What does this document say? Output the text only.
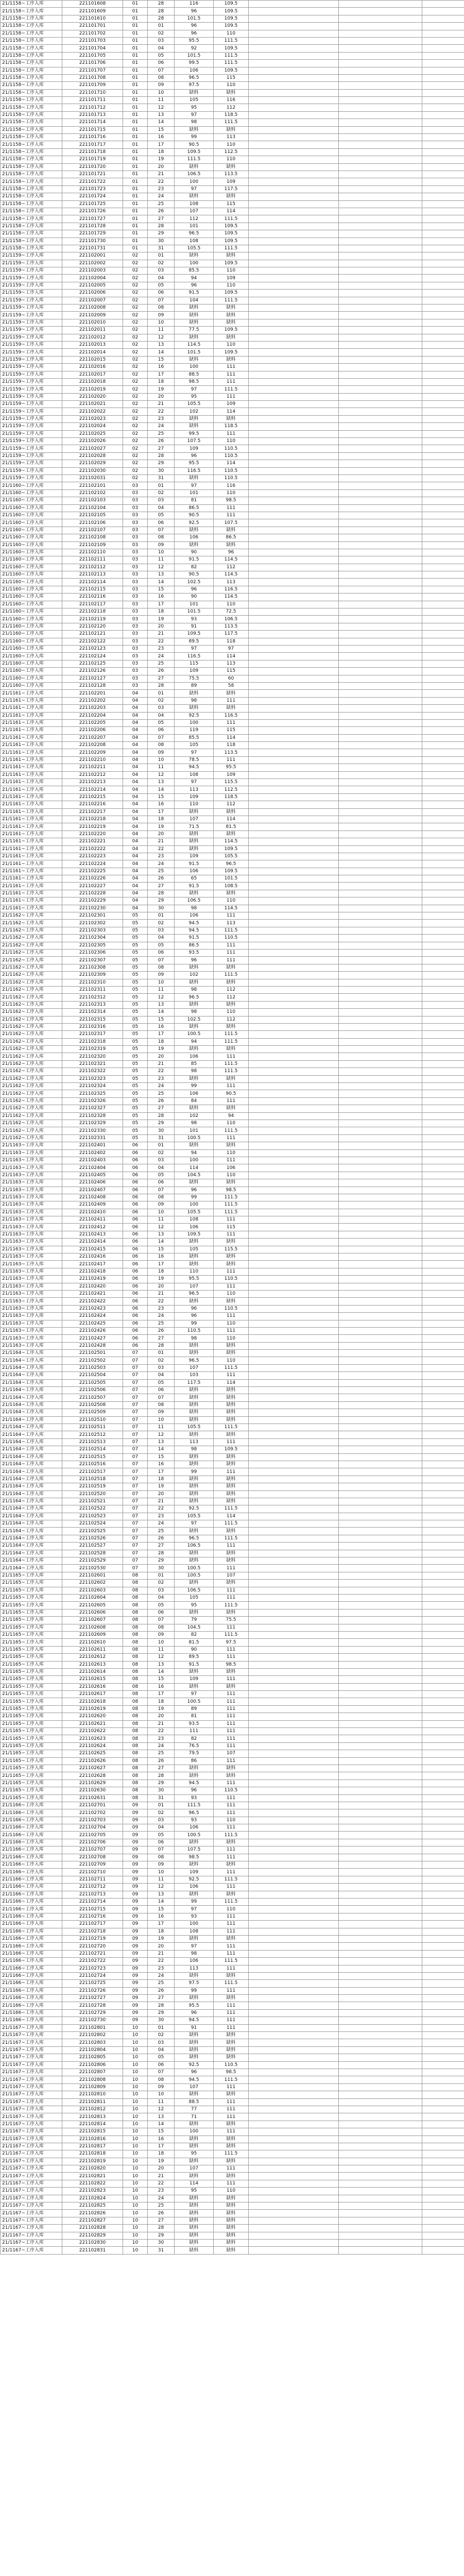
21/1158~工序入库	221101608	01	28	116	109.5			
21/1158~工序入库	221101609	01	28	96	109.5			
21/1158~工序入库	221101610	01	28	101.5	109.5			
21/1158~工序入库	221101701	01	01	96	109.5			
21/1158~工序入库	221101702	01	02	96	110			
21/1158~工序入库	221101703	01	03	95.5	111.5			
21/1158~工序入库	221101704	01	04	92	109.5			
21/1158~工序入库	221101705	01	05	101.5	111.5			
21/1158~工序入库	221101706	01	06	99.5	111.5			
21/1158~工序入库	221101707	01	07	106	109.5			
21/1158~工序入库	221101708	01	08	96.5	115			
21/1158~工序入库	221101709	01	09	97.5	110			
21/1158~工序入库	221101710	01	10	缺料	缺料			
21/1158~工序入库	221101711	01	11	105	116			
21/1158~工序入库	221101712	01	12	95	112			
21/1158~工序入库	221101713	01	13	97	118.5			
21/1158~工序入库	221101714	01	14	98	111.5			
21/1158~工序入库	221101715	01	15	缺料	缺料			
21/1158~工序入库	221101716	01	16	99	113			
21/1158~工序入库	221101717	01	17	90.5	110			
21/1158~工序入库	221101718	01	18	109.5	112.5			
21/1158~工序入库	221101719	01	19	111.5	110			
21/1158~工序入库	221101720	01	20	缺料	缺料			
21/1158~工序入库	221101721	01	21	106.5	113.5			
21/1158~工序入库	221101722	01	22	100	109			
21/1158~工序入库	221101723	01	23	97	117.5			
21/1158~工序入库	221101724	01	24	缺料	缺料			
21/1158~工序入库	221101725	01	25	108	115			
21/1158~工序入库	221101726	01	26	107	114			
21/1158~工序入库	221101727	01	27	112	111.5			
21/1158~工序入库	221101728	01	28	101	109.5			
21/1158~工序入库	221101729	01	29	96.5	109.5			
21/1158~工序入库	221101730	01	30	108	109.5			
21/1158~工序入库	221101731	01	31	105.5	111.5			
21/1159~工序入库	221102001	02	01	缺料	缺料			
21/1159~工序入库	221102002	02	02	100	109.5			
21/1159~工序入库	221102003	02	03	85.5	110			
21/1159~工序入库	221102004	02	04	94	109			
21/1159~工序入库	221102005	02	05	96	110			
21/1159~工序入库	221102006	02	06	91.5	109.5			
21/1159~工序入库	221102007	02	07	104	111.5			
21/1159~工序入库	221102008	02	08	缺料	缺料			
21/1159~工序入库	221102009	02	09	缺料	缺料			
21/1159~工序入库	221102010	02	10	缺料	缺料			
21/1159~工序入库	221102011	02	11	77.5	109.5			
21/1159~工序入库	221102012	02	12	缺料	缺料			
21/1159~工序入库	221102013	02	13	114.5	110			
21/1159~工序入库	221102014	02	14	101.5	109.5			
21/1159~工序入库	221102015	02	15	缺料	缺料			
21/1159~工序入库	221102016	02	16	100	111			
21/1159~工序入库	221102017	02	17	88.5	111			
21/1159~工序入库	221102018	02	18	98.5	111			
21/1159~工序入库	221102019	02	19	97	111.5			
21/1159~工序入库	221102020	02	20	95	111			
21/1159~工序入库	221102021	02	21	105.5	109			
21/1159~工序入库	221102022	02	22	102	114			
21/1159~工序入库	221102023	02	23	缺料	缺料			
21/1159~工序入库	221102024	02	24	缺料	118.5			
21/1159~工序入库	221102025	02	25	99.5	111			
21/1159~工序入库	221102026	02	26	107.5	110			
21/1159~工序入库	221102027	02	27	109	110.5			
21/1159~工序入库	221102028	02	28	96	110.5			
21/1159~工序入库	221102029	02	29	95.5	114			
21/1159~工序入库	221102030	02	30	116.5	110.5			
21/1159~工序入库	221102031	02	31	缺料	110.5			
21/1160~工序入库	221102101	03	01	97	116			
21/1160~工序入库	221102102	03	02	101	110			
21/1160~工序入库	221102103	03	03	81	98.5			
21/1160~工序入库	221102104	03	04	86.5	111			
21/1160~工序入库	221102105	03	05	90.5	111			
21/1160~工序入库	221102106	03	06	92.5	107.5			
21/1160~工序入库	221102107	03	07	缺料	缺料			
21/1160~工序入库	221102108	03	08	106	86.5			
21/1160~工序入库	221102109	03	09	缺料	缺料			
21/1160~工序入库	221102110	03	10	90	96			
21/1160~工序入库	221102111	03	11	91.5	114.5			
21/1160~工序入库	221102112	03	12	82	112			
21/1160~工序入库	221102113	03	13	90.5	114.5			
21/1160~工序入库	221102114	03	14	102.5	113			
21/1160~工序入库	221102115	03	15	96	116.5			
21/1160~工序入库	221102116	03	16	90	114.5			
21/1160~工序入库	221102117	03	17	101	110			
21/1160~工序入库	221102118	03	18	101.5	72.5			
21/1160~工序入库	221102119	03	19	93	106.5			
21/1160~工序入库	221102120	03	20	91	113.5			
21/1160~工序入库	221102121	03	21	109.5	117.5			
21/1160~工序入库	221102122	03	22	89.5	118			
21/1160~工序入库	221102123	03	23	97	97			
21/1160~工序入库	221102124	03	24	116.5	114			
21/1160~工序入库	221102125	03	25	115	113			
21/1160~工序入库	221102126	03	26	109	115			
21/1160~工序入库	221102127	03	27	75.5	60			
21/1160~工序入库	221102128	03	28	89	58			
21/1161~工序入库	221102201	04	01	缺料	缺料			
21/1161~工序入库	221102202	04	02	98	111			
21/1161~工序入库	221102203	04	03	缺料	缺料			
21/1161~工序入库	221102204	04	04	92.5	116.5			
21/1161~工序入库	221102205	04	05	100	111			
21/1161~工序入库	221102206	04	06	119	115			
21/1161~工序入库	221102207	04	07	85.5	114			
21/1161~工序入库	221102208	04	08	105	118			
21/1161~工序入库	221102209	04	09	97	113.5			
21/1161~工序入库	221102210	04	10	78.5	111			
21/1161~工序入库	221102211	04	11	94.5	95.5			
21/1161~工序入库	221102212	04	12	108	109			
21/1161~工序入库	221102213	04	13	97	115.5			
21/1161~工序入库	221102214	04	14	113	112.5			
21/1161~工序入库	221102215	04	15	109	118.5			
21/1161~工序入库	221102216	04	16	110	112			
21/1161~工序入库	221102217	04	17	缺料	缺料			
21/1161~工序入库	221102218	04	18	107	114			
21/1161~工序入库	221102219	04	19	71.5	81.5			
21/1161~工序入库	221102220	04	20	缺料	缺料			
21/1161~工序入库	221102221	04	21	缺料	114.5			
21/1161~工序入库	221102222	04	22	缺料	109.5			
21/1161~工序入库	221102223	04	23	109	105.5			
21/1161~工序入库	221102224	04	24	91.5	96.5			
21/1161~工序入库	221102225	04	25	106	109.5			
21/1161~工序入库	221102226	04	26	65	101.5			
21/1161~工序入库	221102227	04	27	91.5	108.5			
21/1161~工序入库	221102228	04	28	缺料	缺料			
21/1161~工序入库	221102229	04	29	106.5	110			
21/1161~工序入库	221102230	04	30	98	114.5			
21/1162~工序入库	221102301	05	01	106	111			
21/1162~工序入库	221102302	05	02	94.5	113			
21/1162~工序入库	221102303	05	03	94.5	111.5			
21/1162~工序入库	221102304	05	04	91.5	110.5			
21/1162~工序入库	221102305	05	05	86.5	111			
21/1162~工序入库	221102306	05	06	93.5	111			
21/1162~工序入库	221102307	05	07	96	111			
21/1162~工序入库	221102308	05	08	缺料	缺料			
21/1162~工序入库	221102309	05	09	102	111.5			
21/1162~工序入库	221102310	05	10	缺料	缺料			
21/1162~工序入库	221102311	05	11	98	112			
21/1162~工序入库	221102312	05	12	96.5	112			
21/1162~工序入库	221102313	05	13	缺料	缺料			
21/1162~工序入库	221102314	05	14	98	110			
21/1162~工序入库	221102315	05	15	102.5	112			
21/1162~工序入库	221102316	05	16	缺料	缺料			
21/1162~工序入库	221102317	05	17	100.5	111.5			
21/1162~工序入库	221102318	05	18	94	111.5			
21/1162~工序入库	221102319	05	19	缺料	缺料			
21/1162~工序入库	221102320	05	20	106	111			
21/1162~工序入库	221102321	05	21	85	111.5			
21/1162~工序入库	221102322	05	22	98	111.5			
21/1162~工序入库	221102323	05	23	缺料	缺料			
21/1162~工序入库	221102324	05	24	99	111			
21/1162~工序入库	221102325	05	25	106	90.5			
21/1162~工序入库	221102326	05	26	84	111			
21/1162~工序入库	221102327	05	27	缺料	缺料			
21/1162~工序入库	221102328	05	28	102	94			
21/1162~工序入库	221102329	05	29	98	110			
21/1162~工序入库	221102330	05	30	101	111.5			
21/1162~工序入库	221102331	05	31	100.5	111			
21/1163~工序入库	221102401	06	01	缺料	缺料			
21/1163~工序入库	221102402	06	02	94	110			
21/1163~工序入库	221102403	06	03	100	111			
21/1163~工序入库	221102404	06	04	114	106			
21/1163~工序入库	221102405	06	05	104.5	110			
21/1163~工序入库	221102406	06	06	缺料	缺料			
21/1163~工序入库	221102407	06	07	96	98.5			
21/1163~工序入库	221102408	06	08	99	111.5			
21/1163~工序入库	221102409	06	09	100	111.5			
21/1163~工序入库	221102410	06	10	105.5	111.5			
21/1163~工序入库	221102411	06	11	108	111			
21/1163~工序入库	221102412	06	12	106	115			
21/1163~工序入库	221102413	06	13	109.5	111			
21/1163~工序入库	221102414	06	14	缺料	缺料			
21/1163~工序入库	221102415	06	15	105	115.5			
21/1163~工序入库	221102416	06	16	缺料	缺料			
21/1163~工序入库	221102417	06	17	缺料	缺料			
21/1163~工序入库	221102418	06	18	110	111			
21/1163~工序入库	221102419	06	19	95.5	110.5			
21/1163~工序入库	221102420	06	20	107	111			
21/1163~工序入库	221102421	06	21	96.5	110			
21/1163~工序入库	221102422	06	22	缺料	缺料			
21/1163~工序入库	221102423	06	23	96	110.5			
21/1163~工序入库	221102424	06	24	96	111			
21/1163~工序入库	221102425	06	25	99	110			
21/1163~工序入库	221102426	06	26	110.5	111			
21/1163~工序入库	221102427	06	27	98	110			
21/1163~工序入库	221102428	06	28	缺料	缺料			
21/1164~工序入库	221102501	07	01	缺料	缺料			
21/1164~工序入库	221102502	07	02	96.5	110			
21/1164~工序入库	221102503	07	03	107	111.5			
21/1164~工序入库	221102504	07	04	103	111			
21/1164~工序入库	221102505	07	05	117.5	114			
21/1164~工序入库	221102506	07	06	缺料	缺料			
21/1164~工序入库	221102507	07	07	缺料	缺料			
21/1164~工序入库	221102508	07	08	缺料	缺料			
21/1164~工序入库	221102509	07	09	缺料	缺料			
21/1164~工序入库	221102510	07	10	缺料	缺料			
21/1164~工序入库	221102511	07	11	105.5	111.5			
21/1164~工序入库	221102512	07	12	缺料	缺料			
21/1164~工序入库	221102513	07	13	113	111			
21/1164~工序入库	221102514	07	14	98	109.5			
21/1164~工序入库	221102515	07	15	缺料	缺料			
21/1164~工序入库	221102516	07	16	缺料	缺料			
21/1164~工序入库	221102517	07	17	99	111			
21/1164~工序入库	221102518	07	18	缺料	缺料			
21/1164~工序入库	221102519	07	19	缺料	缺料			
21/1164~工序入库	221102520	07	20	缺料	缺料			
21/1164~工序入库	221102521	07	21	缺料	缺料			
21/1164~工序入库	221102522	07	22	92.5	111.5			
21/1164~工序入库	221102523	07	23	105.5	114			
21/1164~工序入库	221102524	07	24	97	111.5			
21/1164~工序入库	221102525	07	25	缺料	缺料			
21/1164~工序入库	221102526	07	26	96.5	111.5			
21/1164~工序入库	221102527	07	27	106.5	111			
21/1164~工序入库	221102528	07	28	缺料	缺料			
21/1164~工序入库	221102529	07	29	缺料	缺料			
21/1164~工序入库	221102530	07	30	100.5	111			
21/1165~工序入库	221102601	08	01	100.5	107			
21/1165~工序入库	221102602	08	02	缺料	缺料			
21/1165~工序入库	221102603	08	03	106.5	111			
21/1165~工序入库	221102604	08	04	105	111			
21/1165~工序入库	221102605	08	05	95	111.5			
21/1165~工序入库	221102606	08	06	缺料	缺料			
21/1165~工序入库	221102607	08	07	79	75.5			
21/1165~工序入库	221102608	08	08	104.5	111			
21/1165~工序入库	221102609	08	09	82	111.5			
21/1165~工序入库	221102610	08	10	81.5	97.5			
21/1165~工序入库	221102611	08	11	90	111			
21/1165~工序入库	221102612	08	12	89.5	111			
21/1165~工序入库	221102613	08	13	91.5	98.5			
21/1165~工序入库	221102614	08	14	缺料	缺料			
21/1165~工序入库	221102615	08	15	109	111			
21/1165~工序入库	221102616	08	16	缺料	缺料			
21/1165~工序入库	221102617	08	17	97	111			
21/1165~工序入库	221102618	08	18	100.5	111			
21/1165~工序入库	221102619	08	19	89	111			
21/1165~工序入库	221102620	08	20	81	111			
21/1165~工序入库	221102621	08	21	93.5	111			
21/1165~工序入库	221102622	08	22	111	111			
21/1165~工序入库	221102623	08	23	82	111			
21/1165~工序入库	221102624	08	24	76.5	111			
21/1165~工序入库	221102625	08	25	79.5	107			
21/1165~工序入库	221102626	08	26	86	111			
21/1165~工序入库	221102627	08	27	缺料	缺料			
21/1165~工序入库	221102628	08	28	缺料	缺料			
21/1165~工序入库	221102629	08	29	94.5	111			
21/1165~工序入库	221102630	08	30	96	110.5			
21/1165~工序入库	221102631	08	31	93	111			
21/1166~工序入库	221102701	09	01	111.5	111			
21/1166~工序入库	221102702	09	02	96.5	111			
21/1166~工序入库	221102703	09	03	93	110			
21/1166~工序入库	221102704	09	04	106	111			
21/1166~工序入库	221102705	09	05	100.5	111.5			
21/1166~工序入库	221102706	09	06	缺料	缺料			
21/1166~工序入库	221102707	09	07	107.5	111			
21/1166~工序入库	221102708	09	08	98.5	111			
21/1166~工序入库	221102709	09	09	缺料	缺料			
21/1166~工序入库	221102710	09	10	109	111			
21/1166~工序入库	221102711	09	11	92.5	111.5			
21/1166~工序入库	221102712	09	12	106	111			
21/1166~工序入库	221102713	09	13	缺料	缺料			
21/1166~工序入库	221102714	09	14	99	111.5			
21/1166~工序入库	221102715	09	15	97	110			
21/1166~工序入库	221102716	09	16	93	111			
21/1166~工序入库	221102717	09	17	100	111			
21/1166~工序入库	221102718	09	18	108	111			
21/1166~工序入库	221102719	09	19	缺料	缺料			
21/1166~工序入库	221102720	09	20	97	111			
21/1166~工序入库	221102721	09	21	98	111			
21/1166~工序入库	221102722	09	22	106	111.5			
21/1166~工序入库	221102723	09	23	113	111			
21/1166~工序入库	221102724	09	24	缺料	缺料			
21/1166~工序入库	221102725	09	25	97.5	111.5			
21/1166~工序入库	221102726	09	26	99	111			
21/1166~工序入库	221102727	09	27	缺料	缺料			
21/1166~工序入库	221102728	09	28	95.5	111			
21/1166~工序入库	221102729	09	29	96	111			
21/1166~工序入库	221102730	09	30	94.5	111			
21/1167~工序入库	221102801	10	01	91	111			
21/1167~工序入库	221102802	10	02	缺料	缺料			
21/1167~工序入库	221102803	10	03	缺料	缺料			
21/1167~工序入库	221102804	10	04	缺料	缺料			
21/1167~工序入库	221102805	10	05	缺料	缺料			
21/1167~工序入库	221102806	10	06	92.5	110.5			
21/1167~工序入库	221102807	10	07	96	98.5			
21/1167~工序入库	221102808	10	08	94.5	111.5			
21/1167~工序入库	221102809	10	09	107	111			
21/1167~工序入库	221102810	10	10	缺料	缺料			
21/1167~工序入库	221102811	10	11	88.5	111			
21/1167~工序入库	221102812	10	12	77	111			
21/1167~工序入库	221102813	10	13	71	111			
21/1167~工序入库	221102814	10	14	缺料	缺料			
21/1167~工序入库	221102815	10	15	100	111			
21/1167~工序入库	221102816	10	16	缺料	缺料			
21/1167~工序入库	221102817	10	17	缺料	缺料			
21/1167~工序入库	221102818	10	18	95	111.5			
21/1167~工序入库	221102819	10	19	缺料	缺料			
21/1167~工序入库	221102820	10	20	107	111			
21/1167~工序入库	221102821	10	21	缺料	缺料			
21/1167~工序入库	221102822	10	22	114	111			
21/1167~工序入库	221102823	10	23	95	110			
21/1167~工序入库	221102824	10	24	缺料	缺料			
21/1167~工序入库	221102825	10	25	缺料	缺料			
21/1167~工序入库	221102826	10	26	缺料	缺料			
21/1167~工序入库	221102827	10	27	缺料	缺料			
21/1167~工序入库	221102828	10	28	缺料	缺料			
21/1167~工序入库	221102829	10	29	缺料	缺料			
21/1167~工序入库	221102830	10	30	缺料	缺料			
21/1167~工序入库	221102831	10	31	缺料	缺料			
